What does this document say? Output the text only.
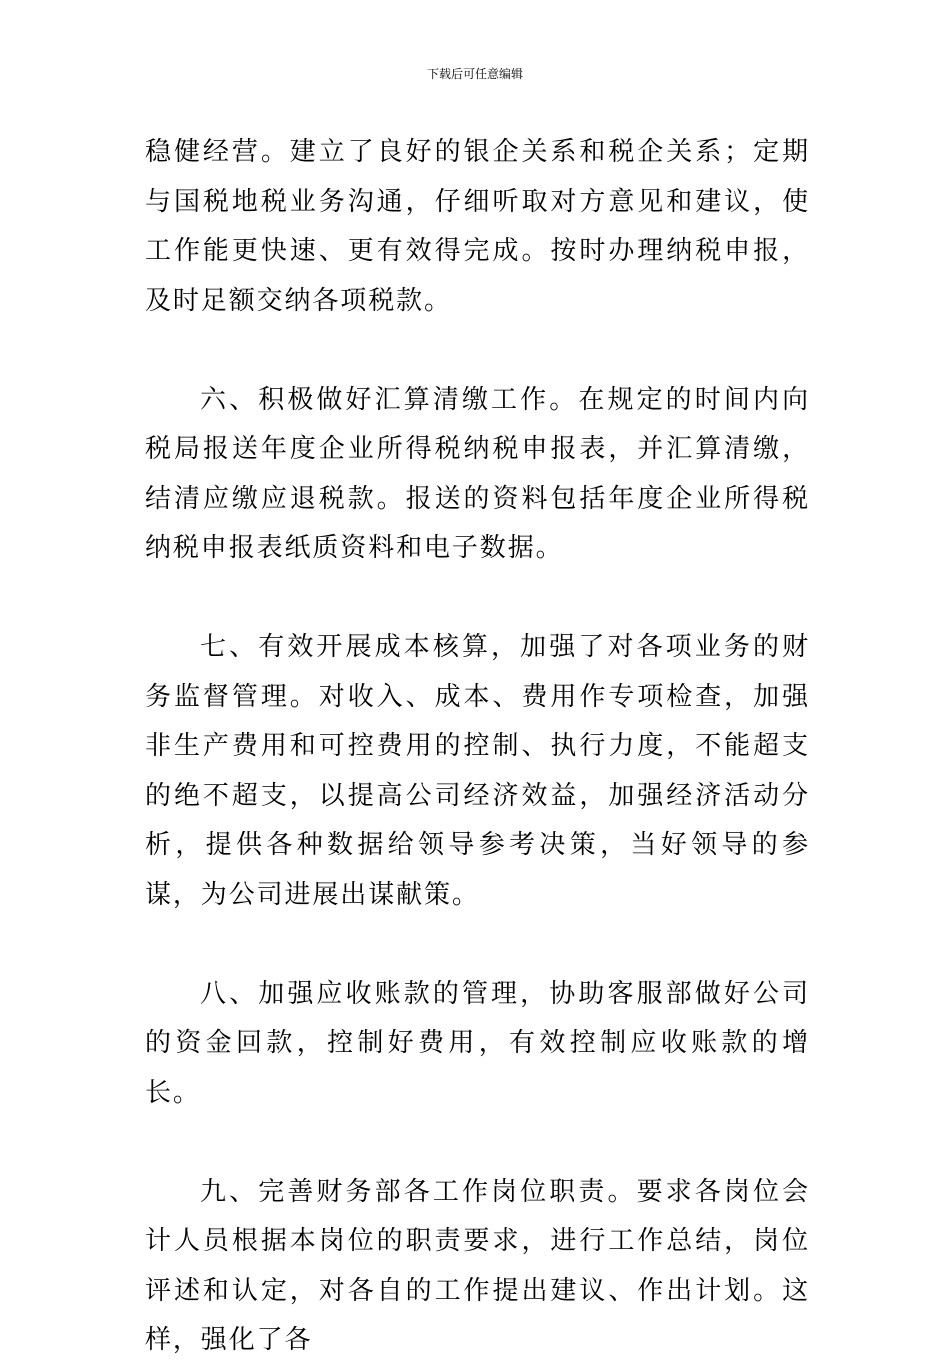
下载后可任意编辑

稳健经营。建立了良好的银企关系和税企关系；定期与国税地税业务沟通，仔细听取对方意见和建议，使工作能更快速、更有效得完成。按时办理纳税申报，及时足额交纳各项税款。

六、积极做好汇算清缴工作。在规定的时间内向税局报送年度企业所得税纳税申报表，并汇算清缴，结清应缴应退税款。报送的资料包括年度企业所得税纳税申报表纸质资料和电子数据。

七、有效开展成本核算，加强了对各项业务的财务监督管理。对收入、成本、费用作专项检查，加强非生产费用和可控费用的控制、执行力度，不能超支的绝不超支，以提高公司经济效益，加强经济活动分析，提供各种数据给领导参考决策，当好领导的参谋，为公司进展出谋献策。

八、加强应收账款的管理，协助客服部做好公司的资金回款，控制好费用，有效控制应收账款的增长。

九、完善财务部各工作岗位职责。要求各岗位会计人员根据本岗位的职责要求，进行工作总结，岗位评述和认定，对各自的工作提出建议、作出计划。这样，强化了各
